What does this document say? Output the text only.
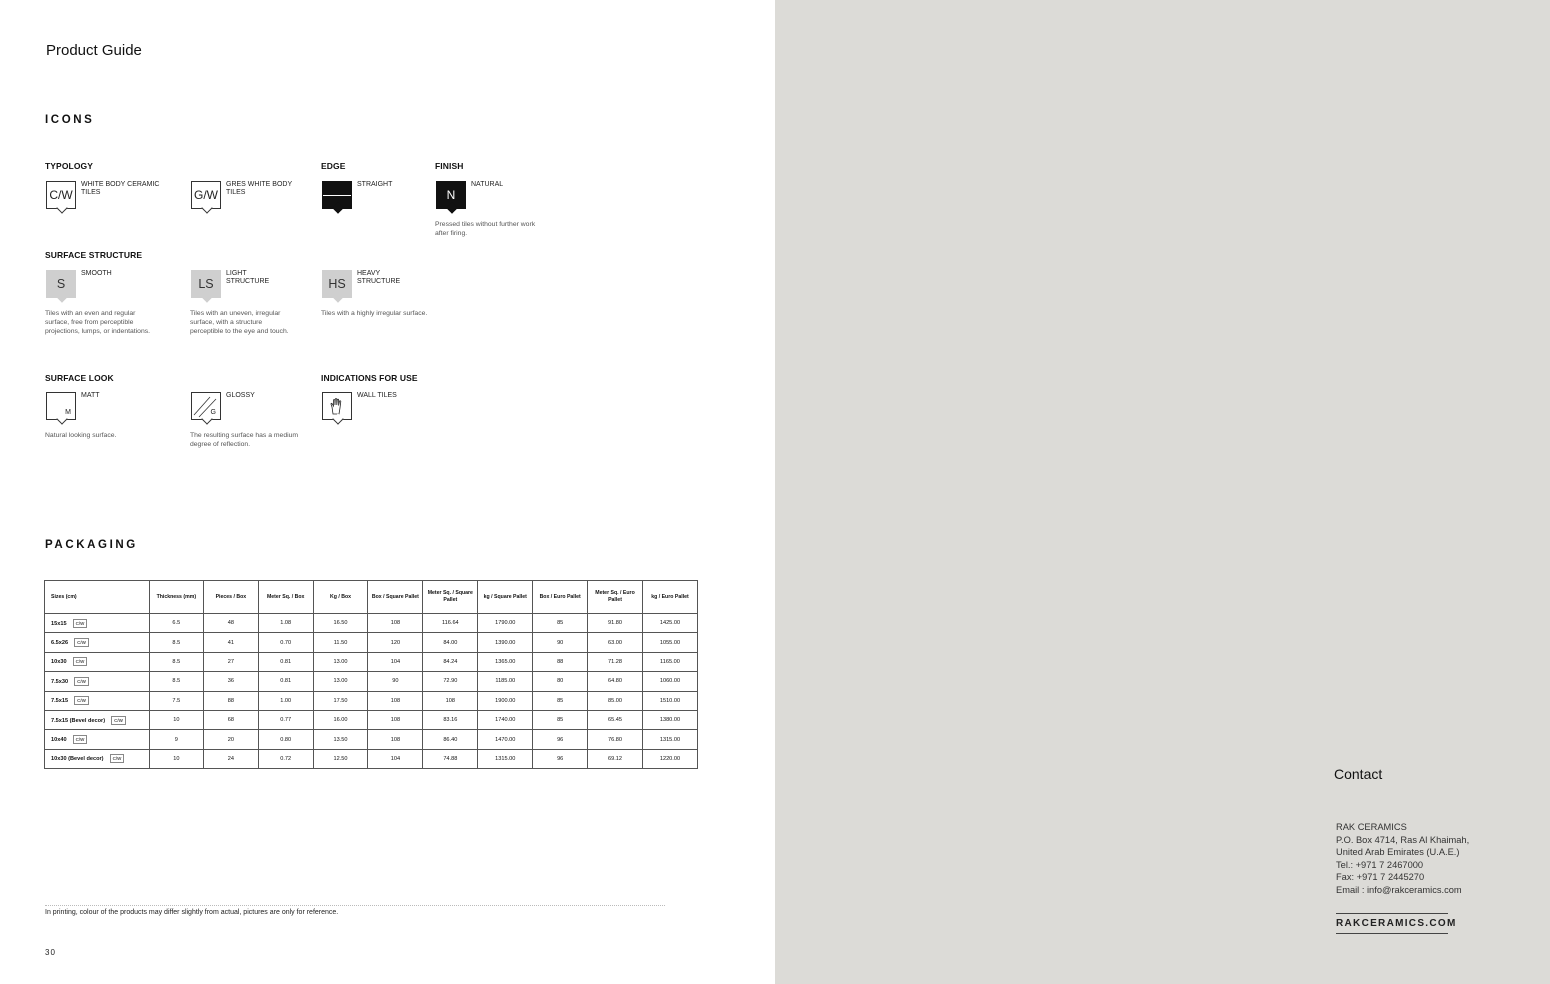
Product Guide
ICONS
TYPOLOGY
C/W
WHITE BODY CERAMIC TILES	G/W
GRES WHITE BODY TILES
EDGE
STRAIGHT
FINISH
N
NATURAL
Pressed tiles without further work after firing.
SURFACE STRUCTURE
S
SMOOTH
Tiles with an even and regular surface, free from perceptible projections, lumps, or indentations.
LS
LIGHT STRUCTURE
Tiles with an uneven, irregular surface, with a structure perceptible to the eye and touch.
HS
HEAVY STRUCTURE
Tiles with a highly irregular surface.
SURFACE LOOK
M
MATT
Natural looking surface.
G
GLOSSY
The resulting surface has a medium degree of reflection.
INDICATIONS FOR USE
WALL TILES
PACKAGING
Sizes (cm)	Thickness (mm)	Pieces / Box	Meter Sq. / Box	Kg / Box	Box / Square Pallet	Meter Sq. / Square Pallet	kg / Square Pallet	Box / Euro Pallet	Meter Sq. / Euro Pallet	kg / Euro Pallet
15x15 C/W	6.5	48	1.08	16.50	108	116.64	1790.00	85	91.80	1425.00
6.5x26 C/W	8.5	41	0.70	11.50	120	84.00	1390.00	90	63.00	1055.00
10x30 C/W	8.5	27	0.81	13.00	104	84.24	1365.00	88	71.28	1165.00
7.5x30 C/W	8.5	36	0.81	13.00	90	72.90	1185.00	80	64.80	1060.00
7.5x15 C/W	7.5	88	1.00	17.50	108	108	1900.00	85	85.00	1510.00
7.5x15 (Bevel decor) C/W	10	68	0.77	16.00	108	83.16	1740.00	85	65.45	1380.00
10x40 C/W	9	20	0.80	13.50	108	86.40	1470.00	96	76.80	1315.00
10x30 (Bevel decor) C/W	10	24	0.72	12.50	104	74.88	1315.00	96	69.12	1220.00
In printing, colour of the products may differ slightly from actual, pictures are only for reference.
30
Contact
RAK CERAMICS
P.O. Box 4714, Ras Al Khaimah,
United Arab Emirates (U.A.E.)
Tel.: +971 7 2467000
Fax: +971 7 2445270
Email : info@rakceramics.com
RAKCERAMICS.COM
